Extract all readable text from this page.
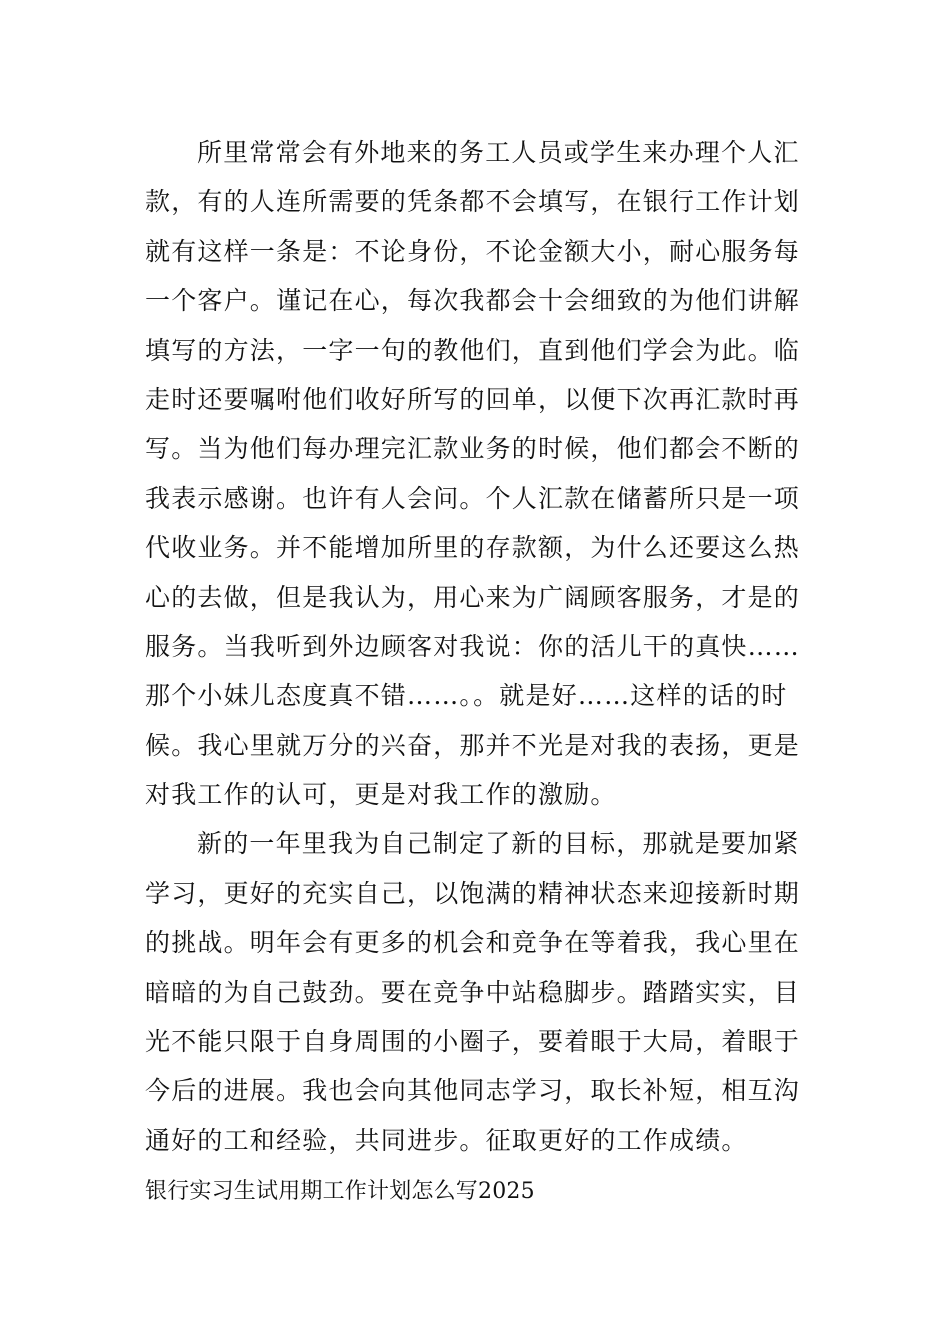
所里常常会有外地来的务工人员或学生来办理个人汇
款，有的人连所需要的凭条都不会填写，在银行工作计划
就有这样一条是：不论身份，不论金额大小，耐心服务每
一个客户。谨记在心，每次我都会十会细致的为他们讲解
填写的方法，一字一句的教他们，直到他们学会为此。临
走时还要嘱咐他们收好所写的回单，以便下次再汇款时再
写。当为他们每办理完汇款业务的时候，他们都会不断的
我表示感谢。也许有人会问。个人汇款在储蓄所只是一项
代收业务。并不能增加所里的存款额，为什么还要这么热
心的去做，但是我认为，用心来为广阔顾客服务，才是的
服务。当我听到外边顾客对我说：你的活儿干的真快……
那个小妹儿态度真不错……。。就是好……这样的话的时
候。我心里就万分的兴奋，那并不光是对我的表扬，更是
对我工作的认可，更是对我工作的激励。
新的一年里我为自己制定了新的目标，那就是要加紧
学习，更好的充实自己，以饱满的精神状态来迎接新时期
的挑战。明年会有更多的机会和竞争在等着我，我心里在
暗暗的为自己鼓劲。要在竞争中站稳脚步。踏踏实实，目
光不能只限于自身周围的小圈子，要着眼于大局，着眼于
今后的进展。我也会向其他同志学习，取长补短，相互沟
通好的工和经验，共同进步。征取更好的工作成绩。
银行实习生试用期工作计划怎么写2025
